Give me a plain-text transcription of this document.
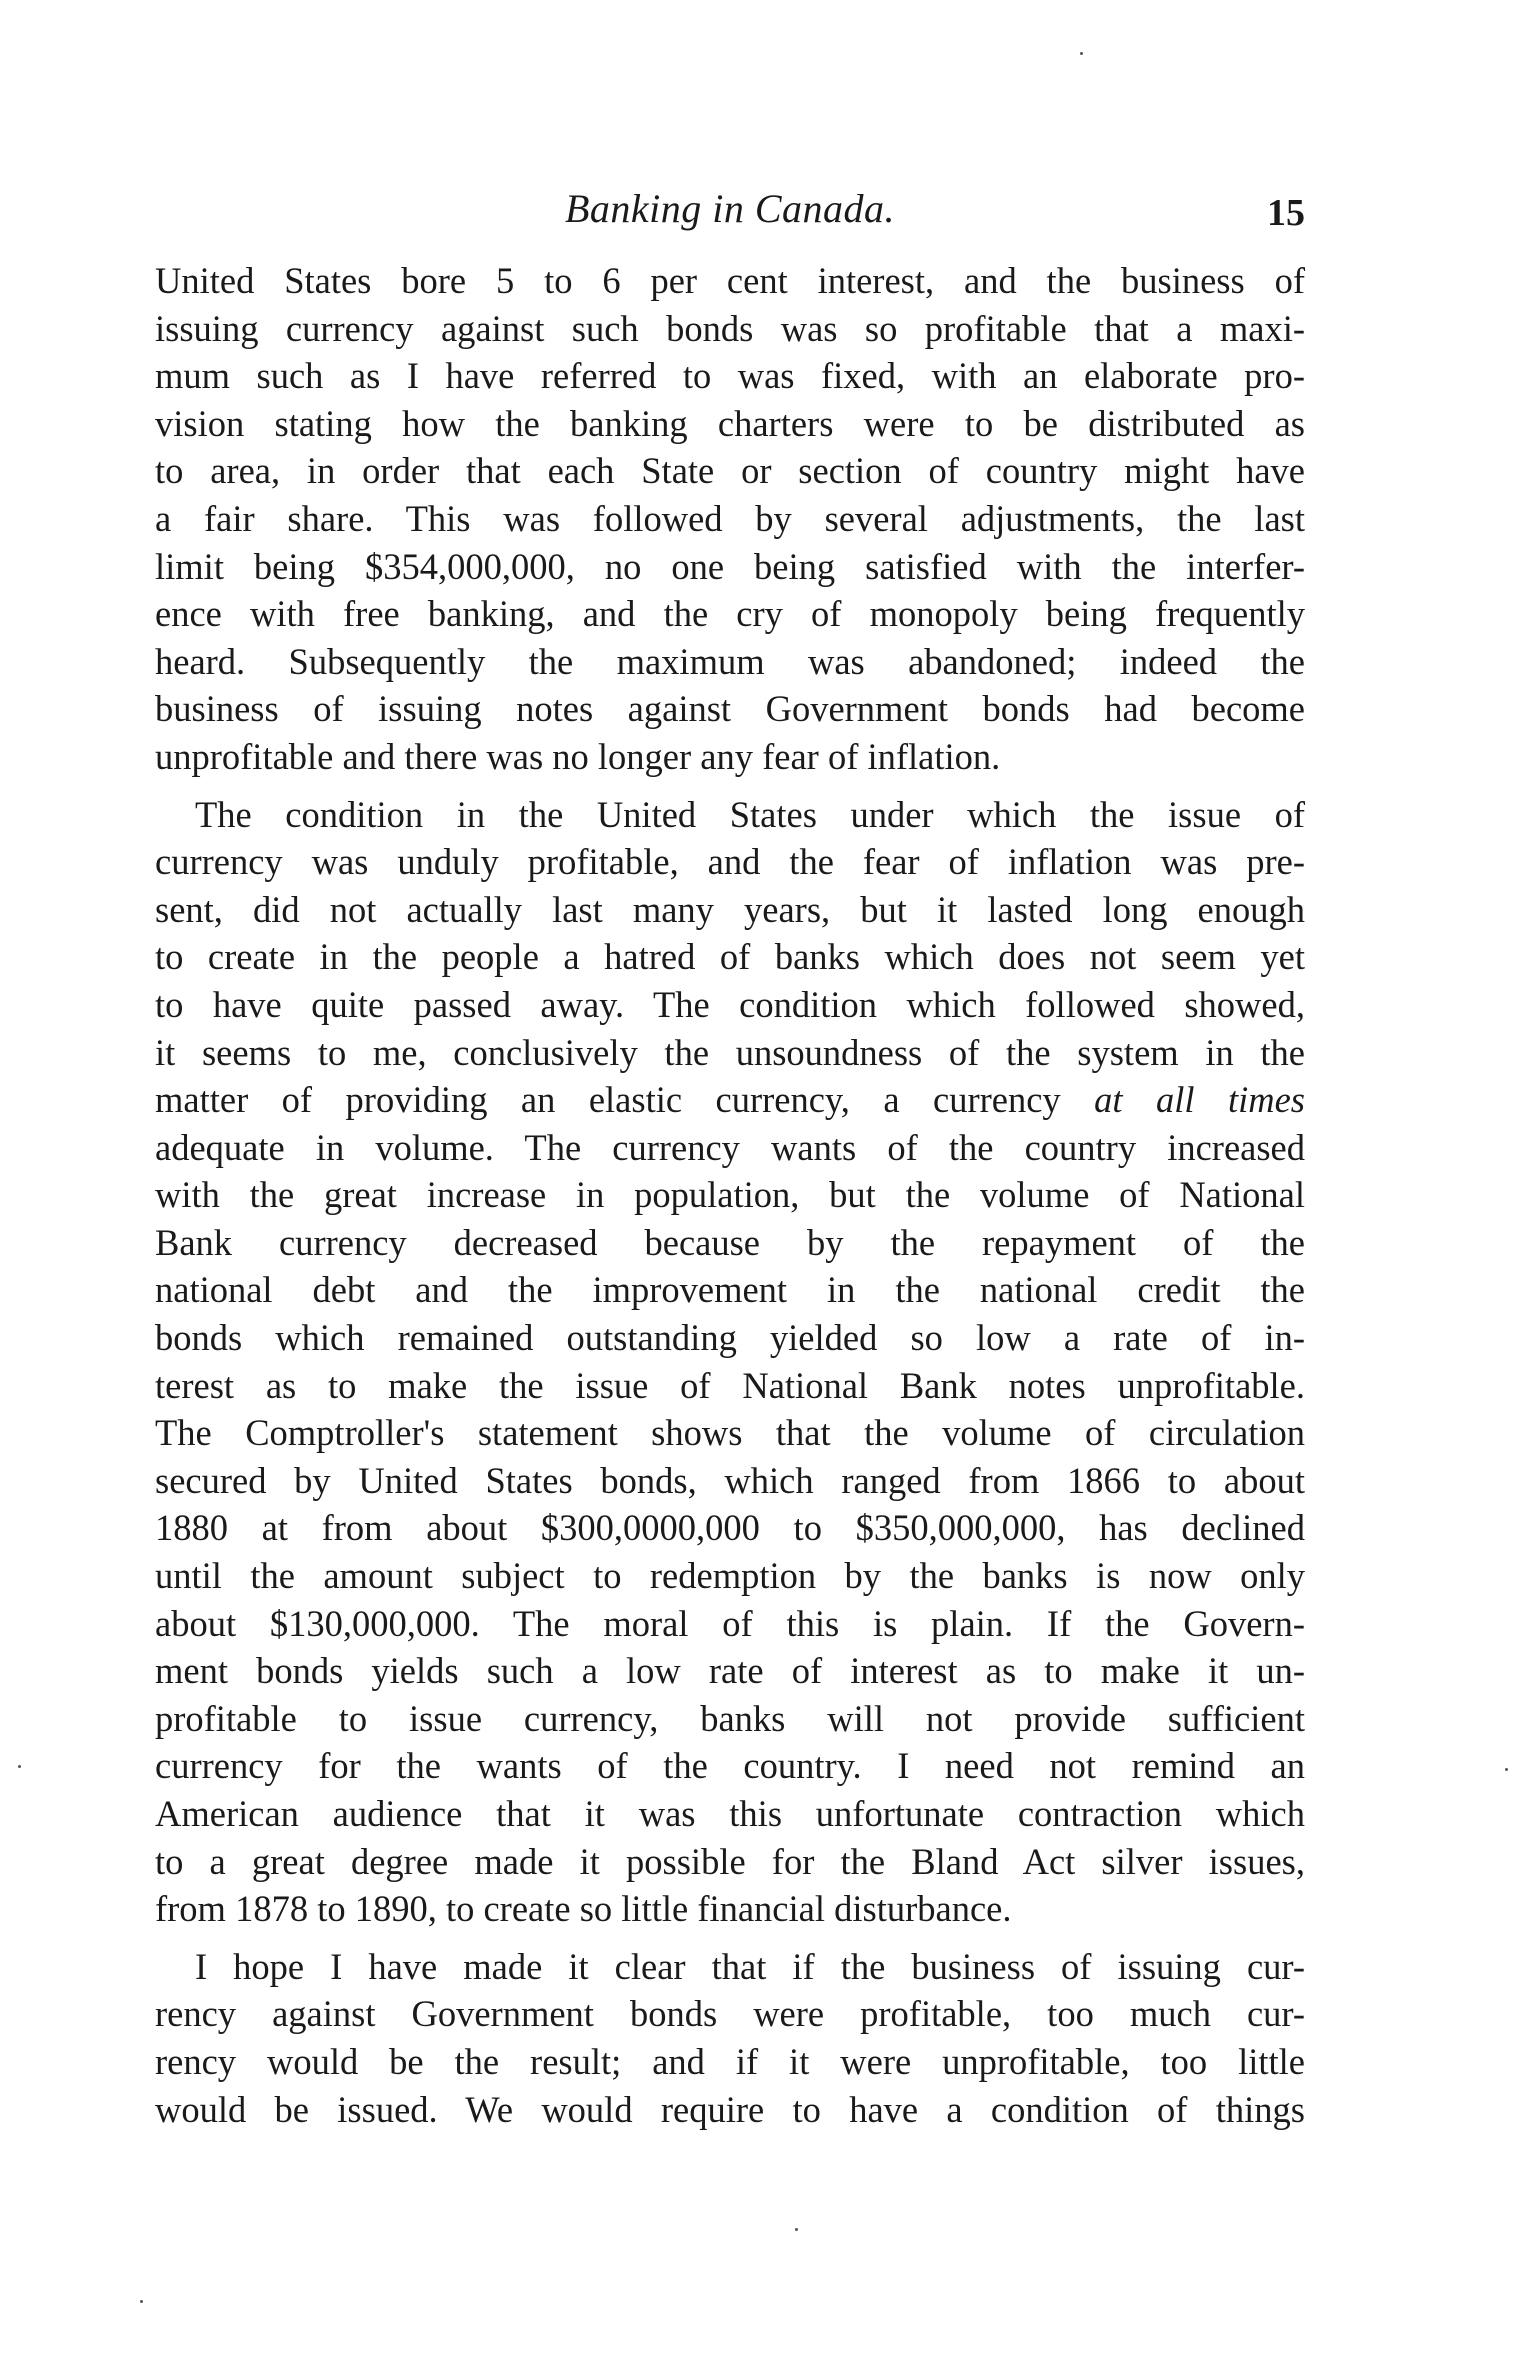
Banking in Canada.	15
United States bore 5 to 6 per cent interest, and the business of
issuing currency against such bonds was so profitable that a maxi-
mum such as I have referred to was fixed, with an elaborate pro-
vision stating how the banking charters were to be distributed as
to area, in order that each State or section of country might have
a fair share. This was followed by several adjustments, the last
limit being $354,000,000, no one being satisfied with the interfer-
ence with free banking, and the cry of monopoly being frequently
heard. Subsequently the maximum was abandoned; indeed the
business of issuing notes against Government bonds had become
unprofitable and there was no longer any fear of inflation.
The condition in the United States under which the issue of
currency was unduly profitable, and the fear of inflation was pre-
sent, did not actually last many years, but it lasted long enough
to create in the people a hatred of banks which does not seem yet
to have quite passed away. The condition which followed showed,
it seems to me, conclusively the unsoundness of the system in the
matter of providing an elastic currency, a currency at all times
adequate in volume. The currency wants of the country increased
with the great increase in population, but the volume of National
Bank currency decreased because by the repayment of the
national debt and the improvement in the national credit the
bonds which remained outstanding yielded so low a rate of in-
terest as to make the issue of National Bank notes unprofitable.
The Comptroller's statement shows that the volume of circulation
secured by United States bonds, which ranged from 1866 to about
1880 at from about $300,0000,000 to $350,000,000, has declined
until the amount subject to redemption by the banks is now only
about $130,000,000. The moral of this is plain. If the Govern-
ment bonds yields such a low rate of interest as to make it un-
profitable to issue currency, banks will not provide sufficient
currency for the wants of the country. I need not remind an
American audience that it was this unfortunate contraction which
to a great degree made it possible for the Bland Act silver issues,
from 1878 to 1890, to create so little financial disturbance.
I hope I have made it clear that if the business of issuing cur-
rency against Government bonds were profitable, too much cur-
rency would be the result; and if it were unprofitable, too little
would be issued. We would require to have a condition of things
